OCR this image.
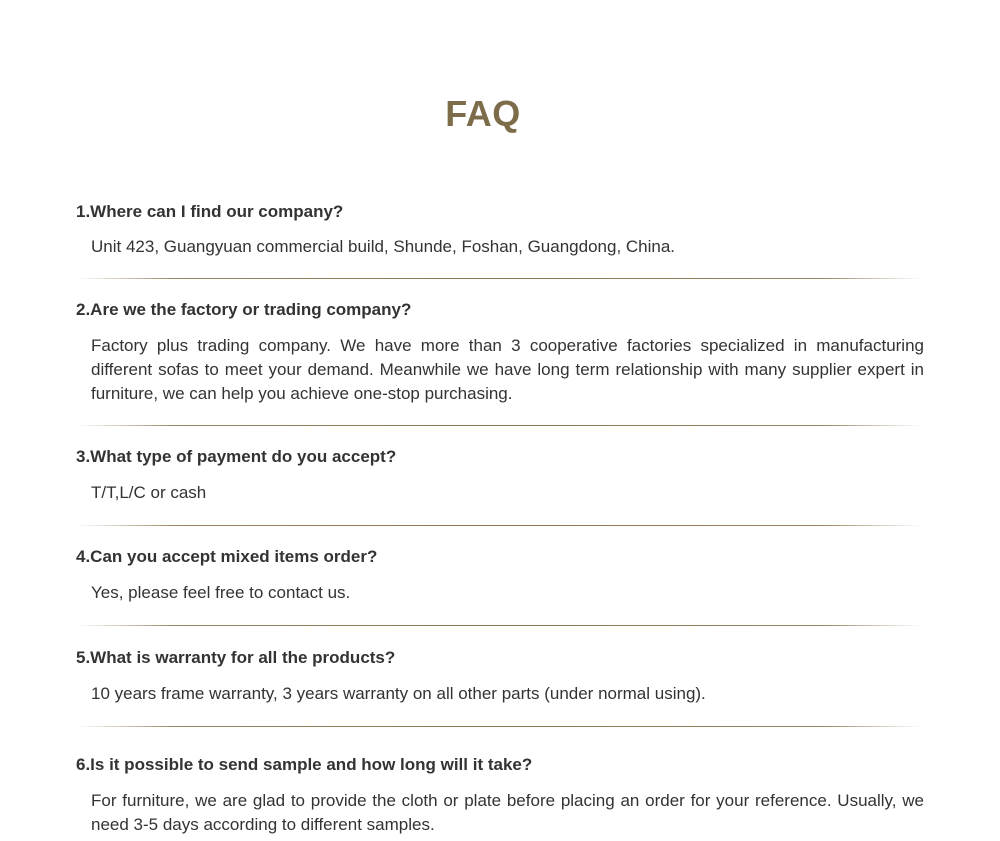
FAQ

1.Where can I find our company?

Unit 423, Guangyuan commercial build, Shunde, Foshan, Guangdong, China.

2.Are we the factory or trading company?

Factory plus trading company. We have more than 3 cooperative factories specialized in manufacturing different sofas to meet your demand. Meanwhile we have long term relationship with many supplier expert in furniture, we can help you achieve one-stop purchasing.

3.What type of payment do you accept?

T/T,L/C or cash

4.Can you accept mixed items order?

Yes, please feel free to contact us.

5.What is warranty for all the products?

10 years frame warranty, 3 years warranty on all other parts (under normal using).

6.Is it possible to send sample and how long will it take?

For furniture, we are glad to provide the cloth or plate before placing an order for your reference. Usually, we need 3-5 days according to different samples.
